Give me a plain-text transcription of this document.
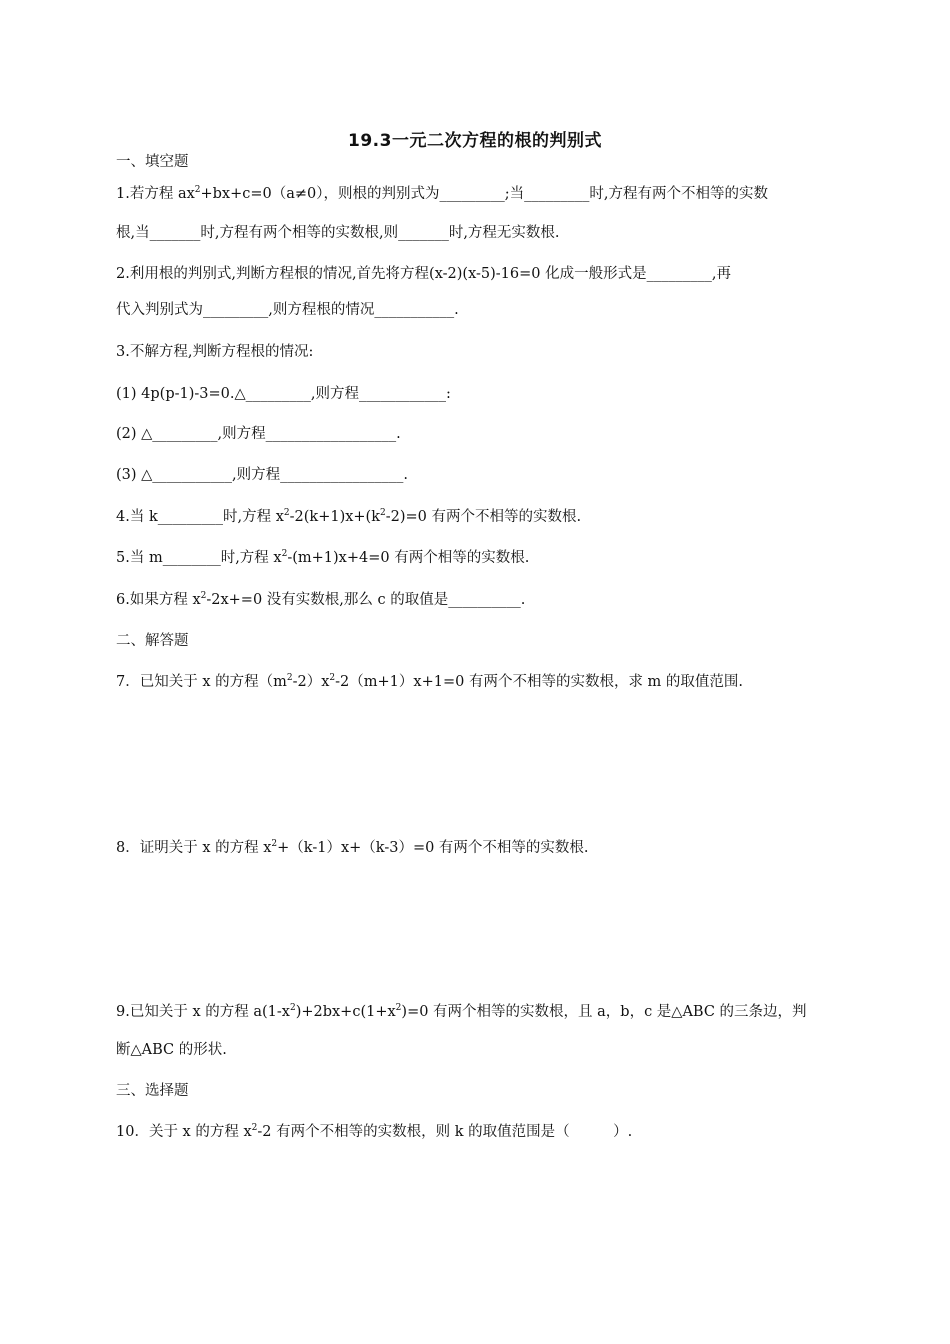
19.3一元二次方程的根的判别式
一、填空题
1.若方程 $ax^2+bx+c=0(a\ne 0)$，则根的判别式为_________;当_________时,方程有两个不相等的实数
根,当_______时,方程有两个相等的实数根,则_______时,方程无实数根.
2.利用根的判别式,判断方程根的情况,首先将方程(x-2)(x-5)-16=0 化成一般形式是_________,再
代入判别式为_________,则方程根的情况___________.
3.不解方程,判断方程根的情况:
(1) 4p(p-1)-3=0.△_________,则方程____________:
(2) △_________,则方程__________________.
(3) △___________,则方程_________________.
4.当 k_________时,方程 $x^2-2(k+1)x+(k^2-2)=0$ 有两个不相等的实数根.
5.当 m________时,方程 $x^2-(m+1)x+4=0$ 有两个相等的实数根.
6.如果方程 $x^2-2x+=0$ 没有实数根,那么 c 的取值是__________.
二、解答题
7．已知关于 x 的方程$(m^2-2)x^2-2(m+1)x+1=0$ 有两个不相等的实数根，求 m 的取值范围.
8．证明关于 x 的方程 $x^2+(k-1)x+(k-3)=0$ 有两个不相等的实数根.
9.已知关于 x 的方程 $a(1-x^2)+2bx+c(1+x^2)=0$ 有两个相等的实数根，且 a，b，c 是△ABC 的三条边，判
断△ABC 的形状.
三、选择题
10．关于 x 的方程 $x^2-2$ 有两个不相等的实数根，则 k 的取值范围是（　　　）.
